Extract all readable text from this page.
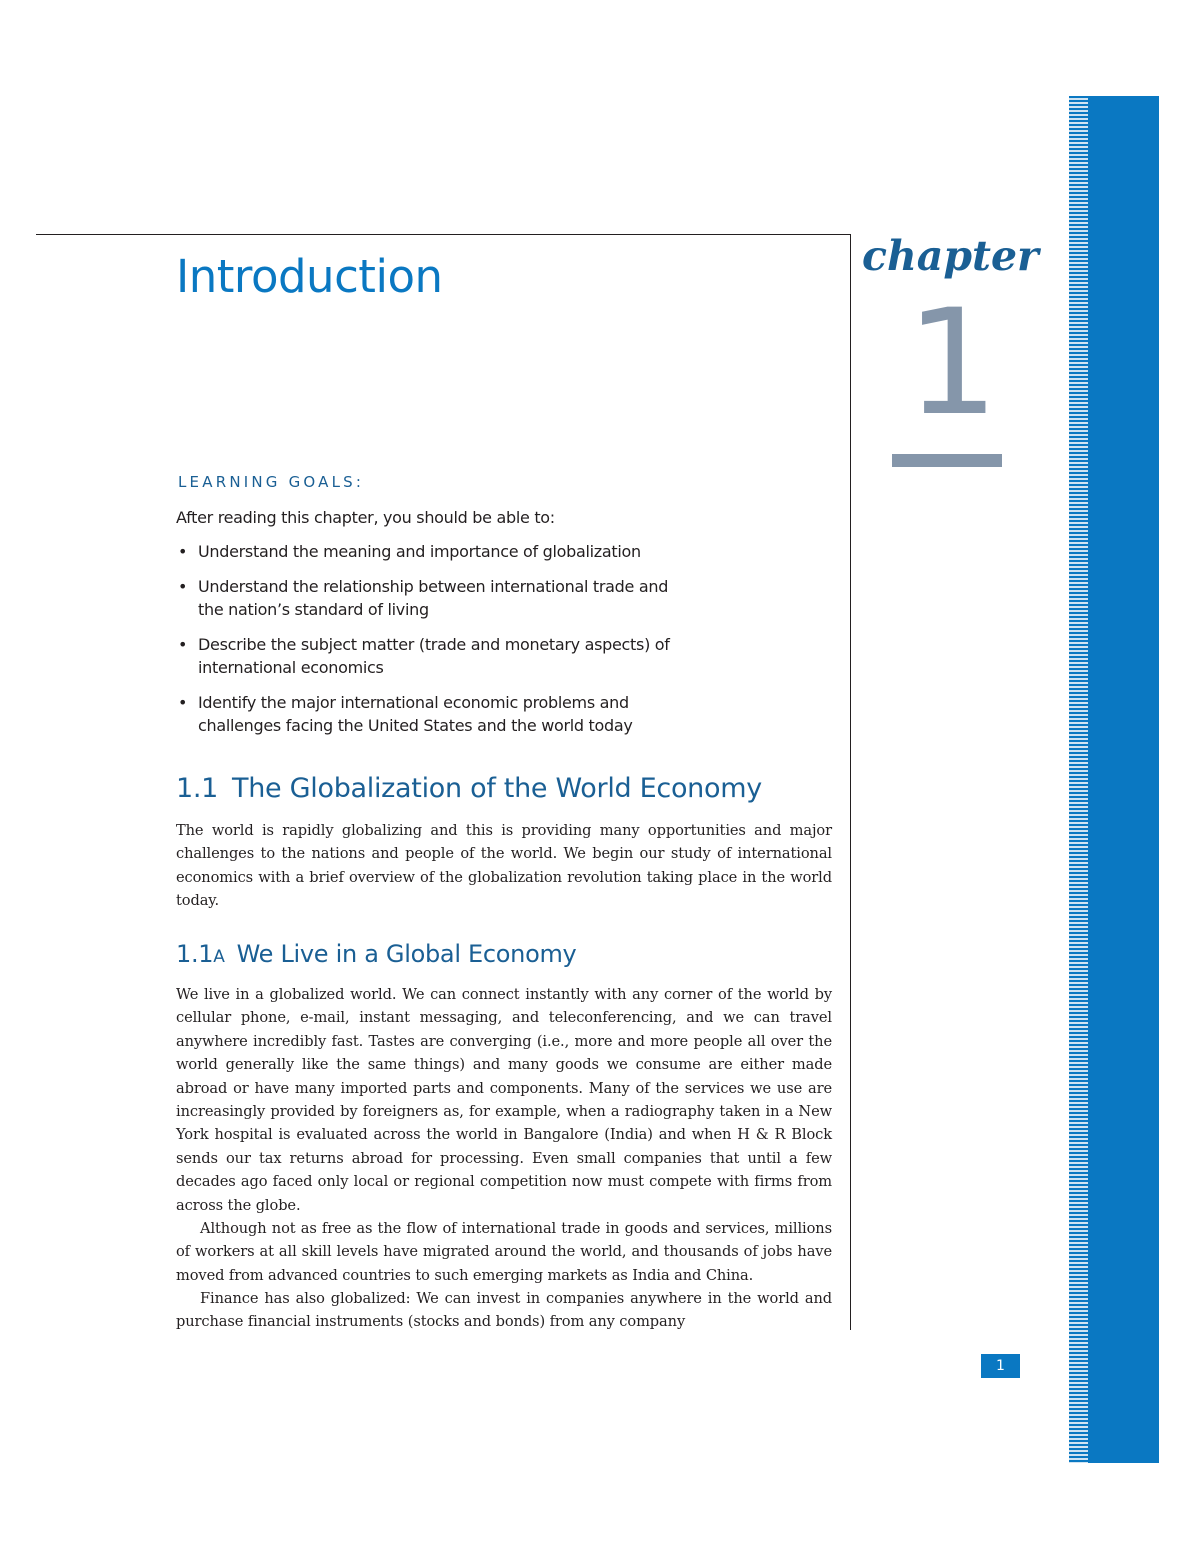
chapter
1
Introduction
LEARNING GOALS:
After reading this chapter, you should be able to:
• Understand the meaning and importance of globalization
• Understand the relationship between international trade and the nation’s standard of living
• Describe the subject matter (trade and monetary aspects) of international economics
• Identify the major international economic problems and challenges facing the United States and the world today
1.1 The Globalization of the World Economy

The world is rapidly globalizing and this is providing many opportunities and major challenges to the nations and people of the world. We begin our study of international economics with a brief overview of the globalization revolution taking place in the world today.

1.1A We Live in a Global Economy

We live in a globalized world. We can connect instantly with any corner of the world by cellular phone, e-mail, instant messaging, and teleconferencing, and we can travel anywhere incredibly fast. Tastes are converging (i.e., more and more people all over the world generally like the same things) and many goods we consume are either made abroad or have many imported parts and components. Many of the services we use are increasingly provided by foreigners as, for example, when a radiography taken in a New York hospital is evaluated across the world in Bangalore (India) and when H & R Block sends our tax returns abroad for processing. Even small companies that until a few decades ago faced only local or regional competition now must compete with firms from across the globe.

Although not as free as the flow of international trade in goods and services, millions of workers at all skill levels have migrated around the world, and thousands of jobs have moved from advanced countries to such emerging markets as India and China.

Finance has also globalized: We can invest in companies anywhere in the world and purchase financial instruments (stocks and bonds) from any company

1
